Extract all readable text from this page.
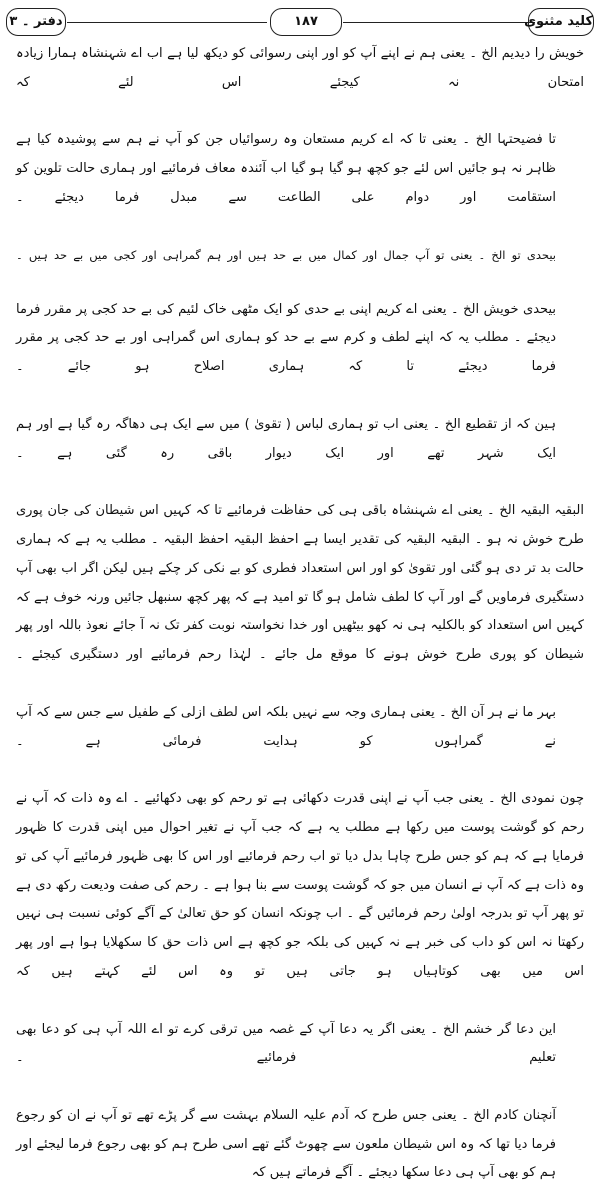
دفتر ۔ ۳	۱۸۷	کلید مثنوی

خویش را دیدیم الخ ۔ یعنی ہم نے اپنے آپ کو اور اپنی رسوائی کو دیکھ لیا ہے اب اے شہنشاہ ہمارا زیادہ امتحان نہ کیجئے اس لئے کہ

تا فضیحتہا الخ ۔ یعنی تا کہ اے کریم مستعان وہ رسوائیاں جن کو آپ نے ہم سے پوشیدہ کیا ہے ظاہر نہ ہو جائیں اس لئے جو کچھ ہو گیا ہو گیا اب آئندہ معاف فرمائیے اور ہماری حالت تلوین کو استقامت اور دوام علی الطاعت سے مبدل فرما دیجئے ۔

بیحدی تو الخ ۔ یعنی تو آپ جمال اور کمال میں بے حد ہیں اور ہم گمراہی اور کجی میں بے حد ہیں ۔

بیحدی خویش الخ ۔ یعنی اے کریم اپنی بے حدی کو ایک مٹھی خاک لئیم کی بے حد کجی پر مقرر فرما دیجئے ۔ مطلب یہ کہ اپنے لطف و کرم سے بے حد کو ہماری اس گمراہی اور بے حد کجی پر مقرر فرما دیجئے تا کہ ہماری اصلاح ہو جائے ۔

ہین کہ از تقطیع الخ ۔ یعنی اب تو ہماری لباس ( تقویٰ ) میں سے ایک ہی دھاگہ رہ گیا ہے اور ہم ایک شہر تھے اور ایک دیوار باقی رہ گئی ہے ۔

البقیہ البقیہ الخ ۔ یعنی اے شہنشاہ باقی ہی کی حفاظت فرمائیے تا کہ کہیں اس شیطان کی جان پوری طرح خوش نہ ہو ۔ البقیہ البقیہ کی تقدیر ایسا ہے احفظ البقیہ احفظ البقیہ ۔ مطلب یہ ہے کہ ہماری حالت بد تر دی ہو گئی اور تقویٰ کو اور اس استعداد فطری کو بے نکی کر چکے ہیں لیکن اگر اب بھی آپ دستگیری فرماویں گے اور آپ کا لطف شامل ہو گا تو امید ہے کہ پھر کچھ سنبھل جائیں ورنہ خوف ہے کہ کہیں اس استعداد کو بالکلیہ ہی نہ کھو بیٹھیں اور خدا نخواستہ نوبت کفر تک نہ آ جائے نعوذ باللہ اور پھر شیطان کو پوری طرح خوش ہونے کا موقع مل جائے ۔ لہٰذا رحم فرمائیے اور دستگیری کیجئے ۔

بہر ما نے ہر آن الخ ۔ یعنی ہماری وجہ سے نہیں بلکہ اس لطف ازلی کے طفیل سے جس سے کہ آپ نے گمراہوں کو ہدایت فرمائی ہے ۔

چون نمودی الخ ۔ یعنی جب آپ نے اپنی قدرت دکھائی ہے تو رحم کو بھی دکھائیے ۔ اے وہ ذات کہ آپ نے رحم کو گوشت پوست میں رکھا ہے مطلب یہ ہے کہ جب آپ نے تغیر احوال میں اپنی قدرت کا ظہور فرمایا ہے کہ ہم کو جس طرح چاہا بدل دیا تو اب رحم فرمائیے اور اس کا بھی ظہور فرمائیے آپ کی تو وہ ذات ہے کہ آپ نے انسان میں جو کہ گوشت پوست سے بنا ہوا ہے ۔ رحم کی صفت ودیعت رکھ دی ہے تو پھر آپ تو بدرجہ اولیٰ رحم فرمائیں گے ۔ اب چونکہ انسان کو حق تعالیٰ کے آگے کوئی نسبت ہی نہیں رکھتا نہ اس کو داب کی خبر ہے نہ کہیں کی بلکہ جو کچھ ہے اس ذات حق کا سکھلایا ہوا ہے اور پھر اس میں بھی کوتاہیاں ہو جاتی ہیں تو وہ اس لئے کہتے ہیں کہ

این دعا گر خشم الخ ۔ یعنی اگر یہ دعا آپ کے غصہ میں ترقی کرے تو اے اللہ آپ ہی کو دعا بھی تعلیم فرمائیے ۔

آنچنان کادم الخ ۔ یعنی جس طرح کہ آدم علیہ السلام بہشت سے گر پڑے تھے تو آپ نے ان کو رجوع فرما دیا تھا کہ وہ اس شیطان ملعون سے چھوٹ گئے تھے اسی طرح ہم کو بھی رجوع فرما لیجئے اور ہم کو بھی آپ ہی دعا سکھا دیجئے ۔ آگے فرماتے ہیں کہ
